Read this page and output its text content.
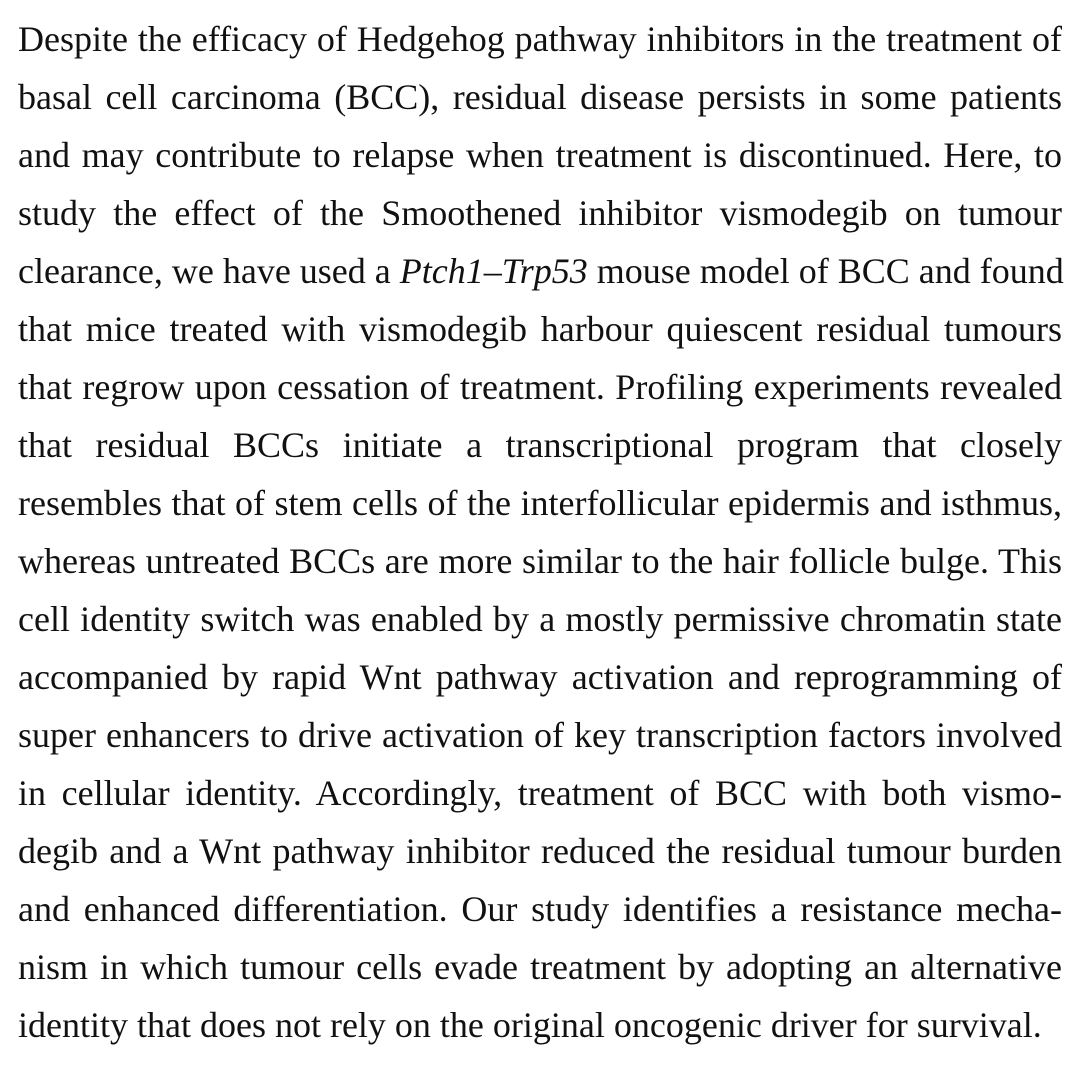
Despite the efficacy of Hedgehog pathway inhibitors in the treatment of
basal cell carcinoma (BCC), residual disease persists in some patients
and may contribute to relapse when treatment is discontinued. Here, to
study the effect of the Smoothened inhibitor vismodegib on tumour
clearance, we have used a Ptch1–Trp53 mouse model of BCC and found
that mice treated with vismodegib harbour quiescent residual tumours
that regrow upon cessation of treatment. Profiling experiments revealed
that residual BCCs initiate a transcriptional program that closely
resembles that of stem cells of the interfollicular epidermis and isthmus,
whereas untreated BCCs are more similar to the hair follicle bulge. This
cell identity switch was enabled by a mostly permissive chromatin state
accompanied by rapid Wnt pathway activation and reprogramming of
super enhancers to drive activation of key transcription factors involved
in cellular identity. Accordingly, treatment of BCC with both vismo-
degib and a Wnt pathway inhibitor reduced the residual tumour burden
and enhanced differentiation. Our study identifies a resistance mecha-
nism in which tumour cells evade treatment by adopting an alternative
identity that does not rely on the original oncogenic driver for survival.
